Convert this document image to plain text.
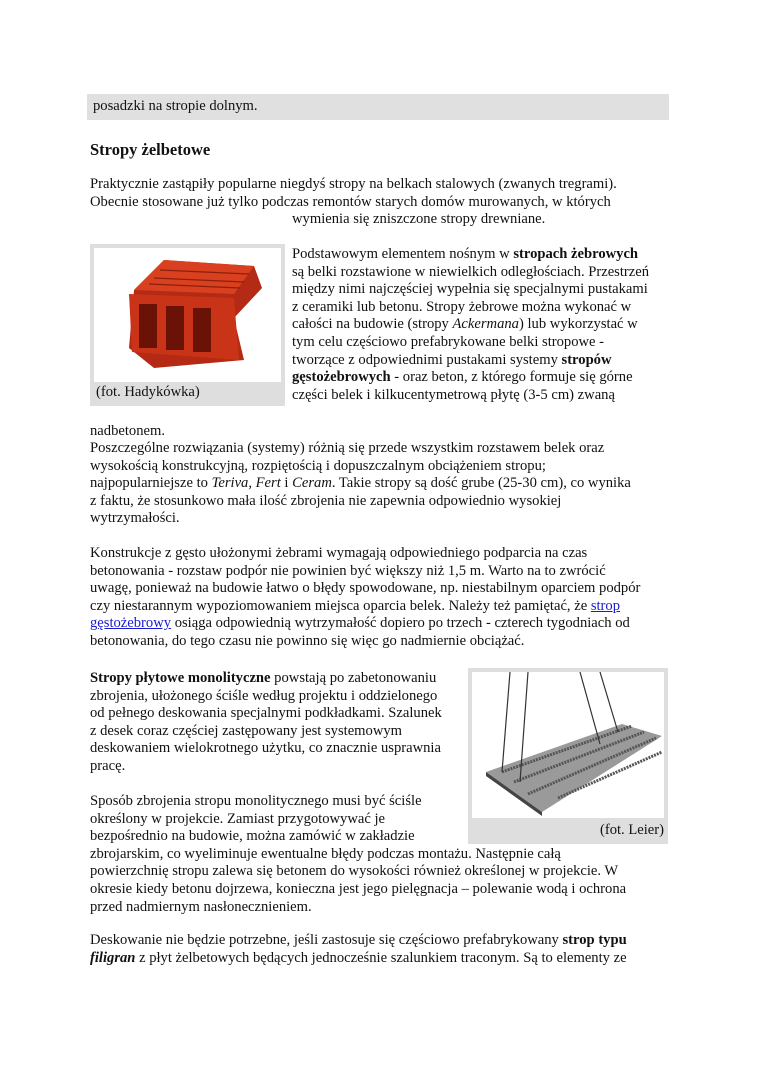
posadzki na stropie dolnym.
Stropy żelbetowe
Praktycznie zastąpiły popularne niegdyś stropy na belkach stalowych (zwanych tregrami).
Obecnie stosowane już tylko podczas remontów starych domów murowanych, w których
wymienia się zniszczone stropy drewniane.
(fot. Hadykówka)
Podstawowym elementem nośnym w stropach żebrowych
są belki rozstawione w niewielkich odległościach. Przestrzeń
między nimi najczęściej wypełnia się specjalnymi pustakami
z ceramiki lub betonu. Stropy żebrowe można wykonać w
całości na budowie (stropy Ackermana) lub wykorzystać w
tym celu częściowo prefabrykowane belki stropowe -
tworzące z odpowiednimi pustakami systemy stropów
gęstożebrowych - oraz beton, z którego formuje się górne
części belek i kilkucentymetrową płytę (3-5 cm) zwaną
nadbetonem.
Poszczególne rozwiązania (systemy) różnią się przede wszystkim rozstawem belek oraz
wysokością konstrukcyjną, rozpiętością i dopuszczalnym obciążeniem stropu;
najpopularniejsze to Teriva, Fert i Ceram. Takie stropy są dość grube (25-30 cm), co wynika
z faktu, że stosunkowo mała ilość zbrojenia nie zapewnia odpowiednio wysokiej
wytrzymałości.
Konstrukcje z gęsto ułożonymi żebrami wymagają odpowiedniego podparcia na czas
betonowania - rozstaw podpór nie powinien być większy niż 1,5 m. Warto na to zwrócić
uwagę, ponieważ na budowie łatwo o błędy spowodowane, np. niestabilnym oparciem podpór
czy niestarannym wypoziomowaniem miejsca oparcia belek. Należy też pamiętać, że strop
gęstożebrowy osiąga odpowiednią wytrzymałość dopiero po trzech - czterech tygodniach od
betonowania, do tego czasu nie powinno się więc go nadmiernie obciążać.
Stropy płytowe monolityczne powstają po zabetonowaniu
zbrojenia, ułożonego ściśle według projektu i oddzielonego
od pełnego deskowania specjalnymi podkładkami. Szalunek
z desek coraz częściej zastępowany jest systemowym
deskowaniem wielokrotnego użytku, co znacznie usprawnia
pracę.
(fot. Leier)
Sposób zbrojenia stropu monolitycznego musi być ściśle
określony w projekcie. Zamiast przygotowywać je
bezpośrednio na budowie, można zamówić w zakładzie
zbrojarskim, co wyeliminuje ewentualne błędy podczas montażu. Następnie całą
powierzchnię stropu zalewa się betonem do wysokości również określonej w projekcie. W
okresie kiedy betonu dojrzewa, konieczna jest jego pielęgnacja – polewanie wodą i ochrona
przed nadmiernym nasłonecznieniem.
Deskowanie nie będzie potrzebne, jeśli zastosuje się częściowo prefabrykowany strop typu
filigran z płyt żelbetowych będących jednocześnie szalunkiem traconym. Są to elementy ze
